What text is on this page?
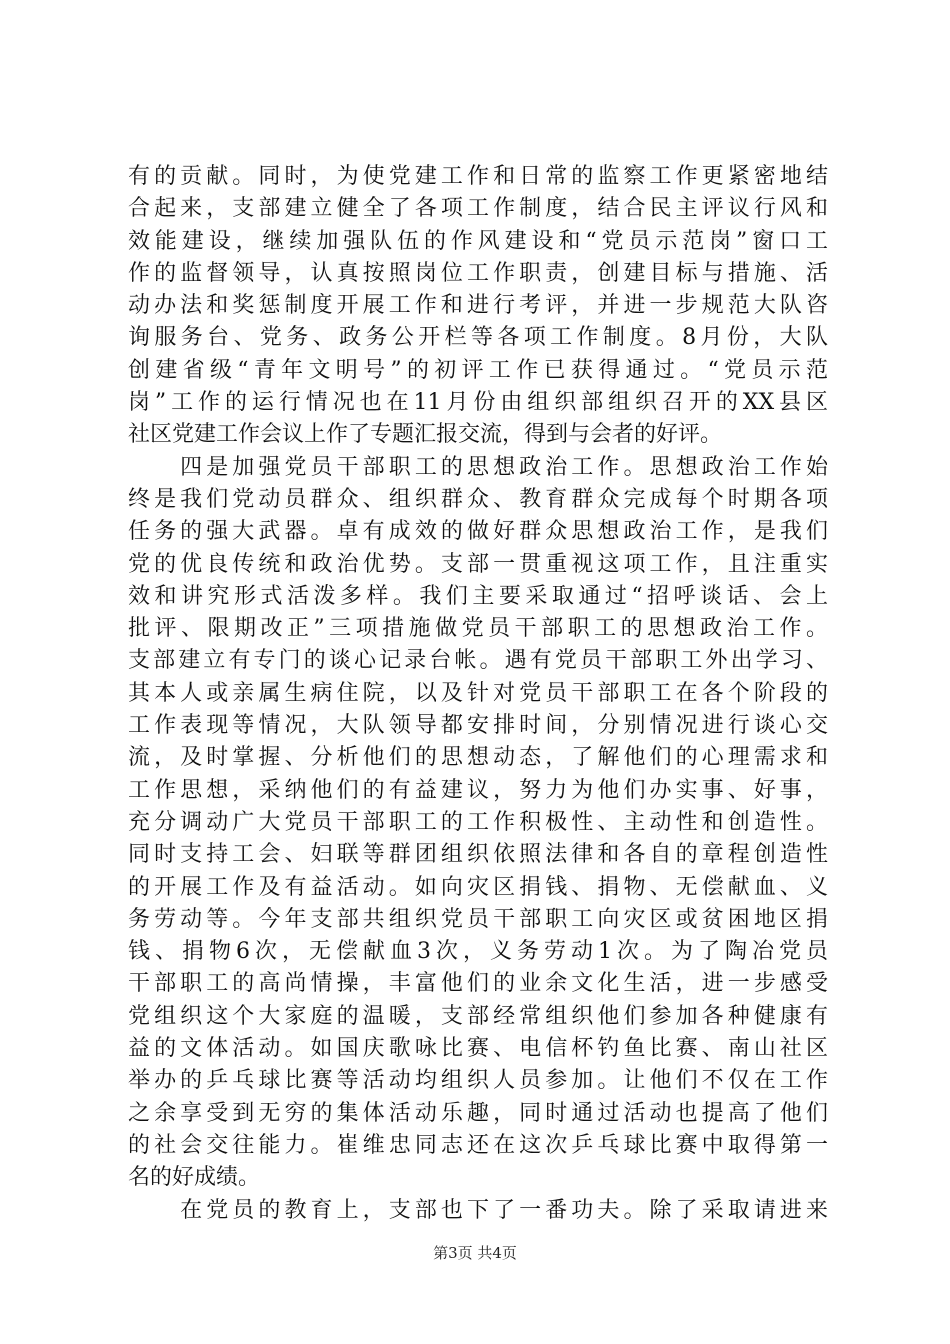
有的贡献。同时，为使党建工作和日常的监察工作更紧密地结
合起来，支部建立健全了各项工作制度，结合民主评议行风和
效能建设，继续加强队伍的作风建设和“党员示范岗”窗口工
作的监督领导，认真按照岗位工作职责，创建目标与措施、活
动办法和奖惩制度开展工作和进行考评，并进一步规范大队咨
询服务台、党务、政务公开栏等各项工作制度。8月份，大队
创建省级“青年文明号”的初评工作已获得通过。“党员示范
岗”工作的运行情况也在11月份由组织部组织召开的XX县区
社区党建工作会议上作了专题汇报交流，得到与会者的好评。
　　四是加强党员干部职工的思想政治工作。思想政治工作始
终是我们党动员群众、组织群众、教育群众完成每个时期各项
任务的强大武器。卓有成效的做好群众思想政治工作，是我们
党的优良传统和政治优势。支部一贯重视这项工作，且注重实
效和讲究形式活泼多样。我们主要采取通过“招呼谈话、会上
批评、限期改正”三项措施做党员干部职工的思想政治工作。
支部建立有专门的谈心记录台帐。遇有党员干部职工外出学习、
其本人或亲属生病住院，以及针对党员干部职工在各个阶段的
工作表现等情况，大队领导都安排时间，分别情况进行谈心交
流，及时掌握、分析他们的思想动态，了解他们的心理需求和
工作思想，采纳他们的有益建议，努力为他们办实事、好事，
充分调动广大党员干部职工的工作积极性、主动性和创造性。
同时支持工会、妇联等群团组织依照法律和各自的章程创造性
的开展工作及有益活动。如向灾区捐钱、捐物、无偿献血、义
务劳动等。今年支部共组织党员干部职工向灾区或贫困地区捐
钱、捐物6次，无偿献血3次，义务劳动1次。为了陶冶党员
干部职工的高尚情操，丰富他们的业余文化生活，进一步感受
党组织这个大家庭的温暖，支部经常组织他们参加各种健康有
益的文体活动。如国庆歌咏比赛、电信杯钓鱼比赛、南山社区
举办的乒乓球比赛等活动均组织人员参加。让他们不仅在工作
之余享受到无穷的集体活动乐趣，同时通过活动也提高了他们
的社会交往能力。崔维忠同志还在这次乒乓球比赛中取得第一
名的好成绩。
　　在党员的教育上，支部也下了一番功夫。除了采取请进来
第3页 共4页
